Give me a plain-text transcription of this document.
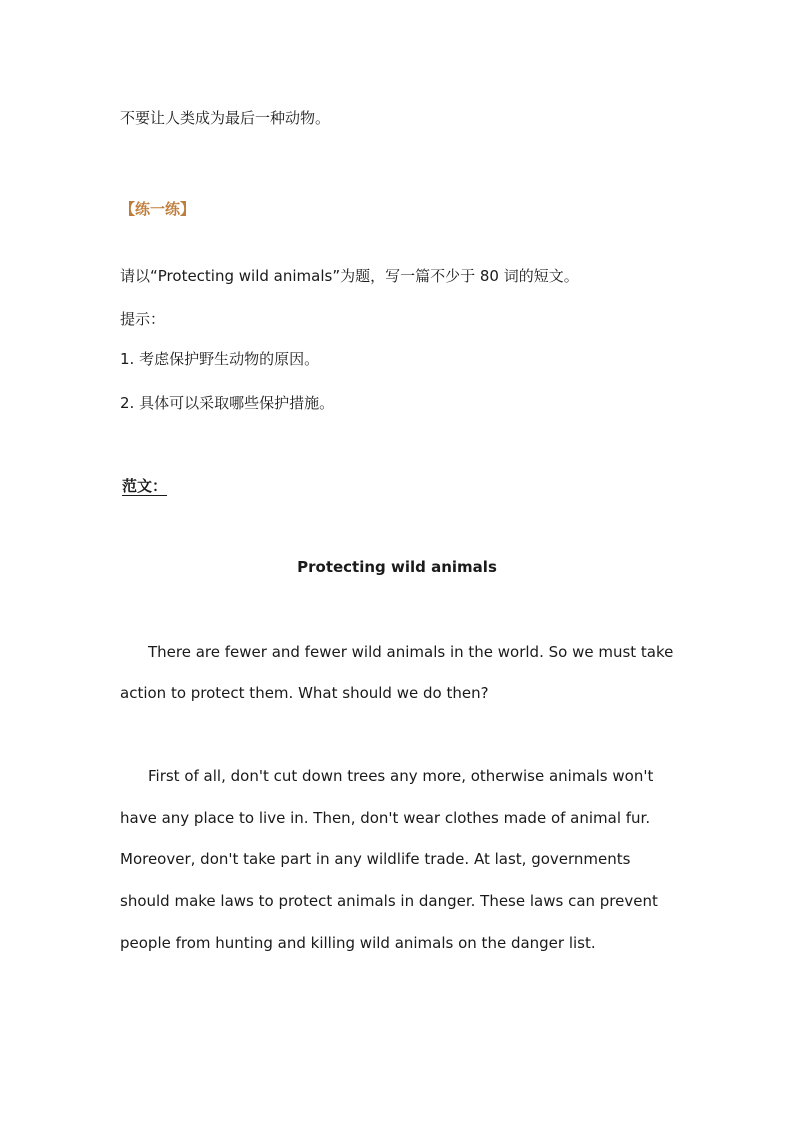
不要让人类成为最后一种动物。
【练一练】
请以“Protecting wild animals”为题，写一篇不少于 80 词的短文。
提示：
1. 考虑保护野生动物的原因。
2. 具体可以采取哪些保护措施。
范文：
Protecting wild animals
There are fewer and fewer wild animals in the world. So we must take
action to protect them. What should we do then?
First of all, don't cut down trees any more, otherwise animals won't
have any place to live in. Then, don't wear clothes made of animal fur.
Moreover, don't take part in any wildlife trade. At last, governments
should make laws to protect animals in danger. These laws can prevent
people from hunting and killing wild animals on the danger list.
